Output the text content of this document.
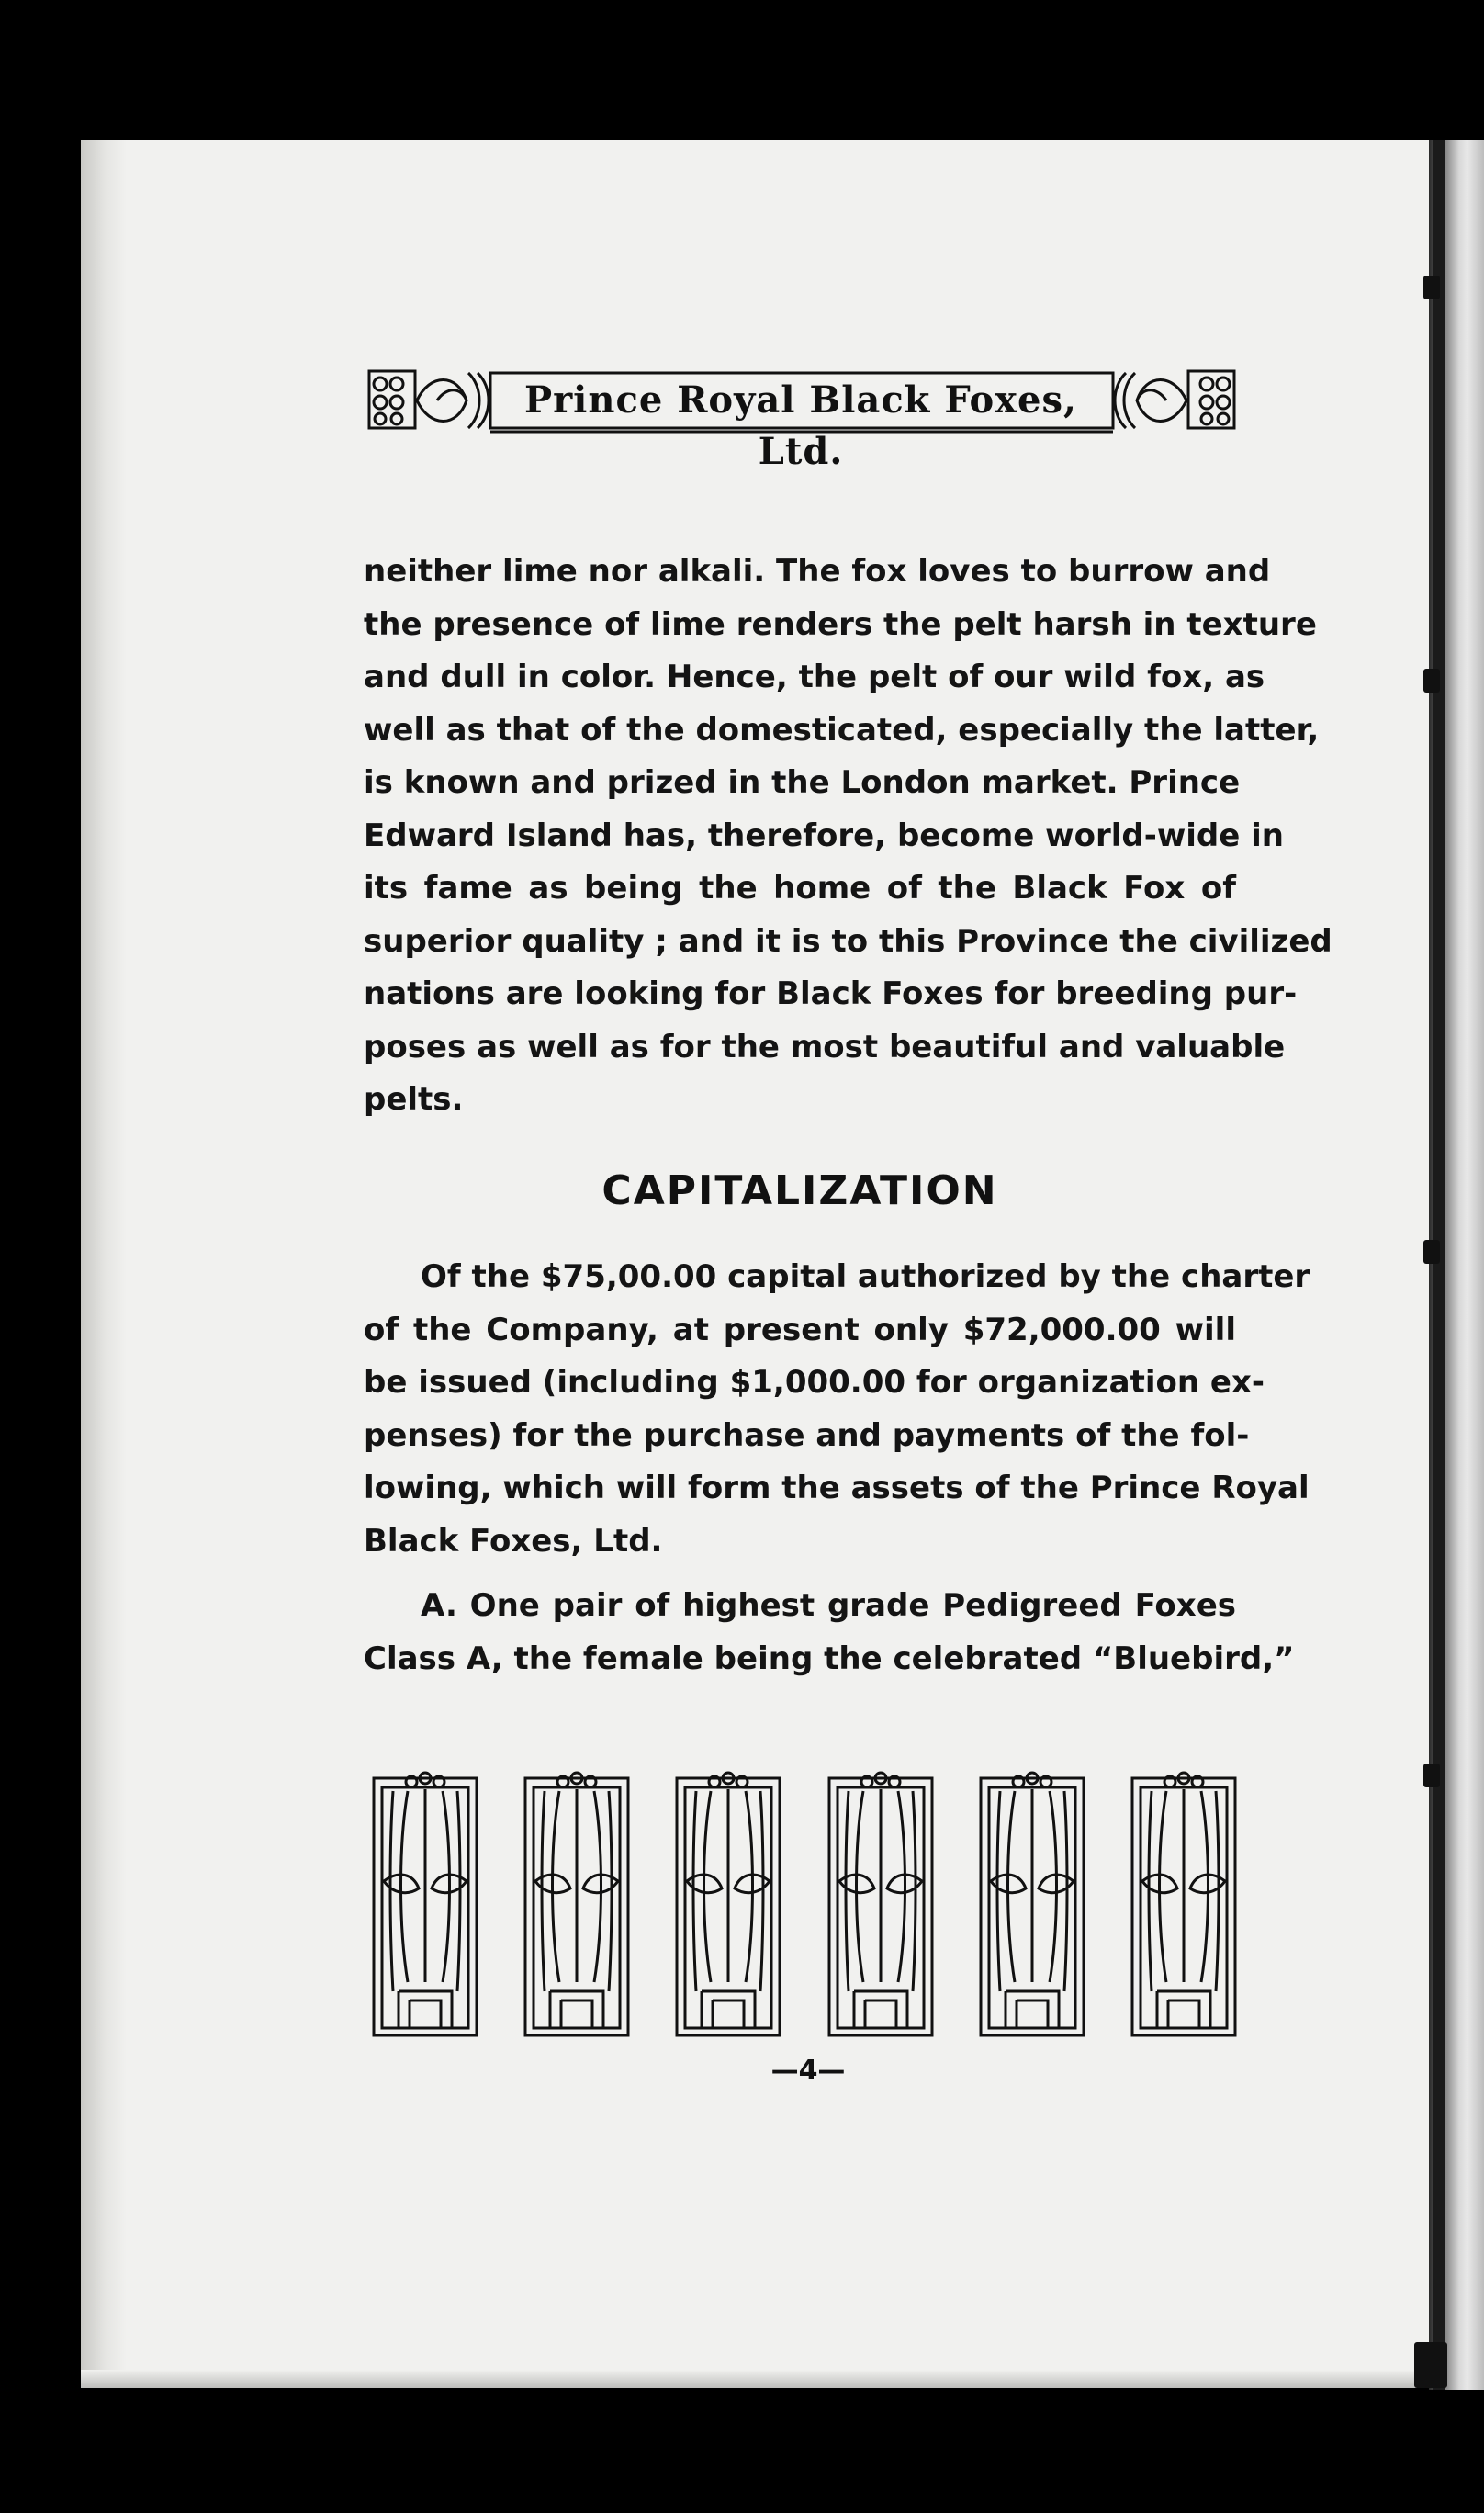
Prince Royal Black Foxes, Ltd.
neither lime nor alkali. The fox loves to burrow and
the presence of lime renders the pelt harsh in texture
and dull in color. Hence, the pelt of our wild fox, as
well as that of the domesticated, especially the latter,
is known and prized in the London market. Prince
Edward Island has, therefore, become world-wide in
its fame as being the home of the Black Fox of
superior quality ; and it is to this Province the civilized
nations are looking for Black Foxes for breeding pur-
poses as well as for the most beautiful and valuable
pelts.
CAPITALIZATION
Of the $75,00.00 capital authorized by the charter
of the Company, at present only $72,000.00 will
be issued (including $1,000.00 for organization ex-
penses) for the purchase and payments of the fol-
lowing, which will form the assets of the Prince Royal
Black Foxes, Ltd.
A. One pair of highest grade Pedigreed Foxes
Class A, the female being the celebrated “Bluebird,”
—4—
